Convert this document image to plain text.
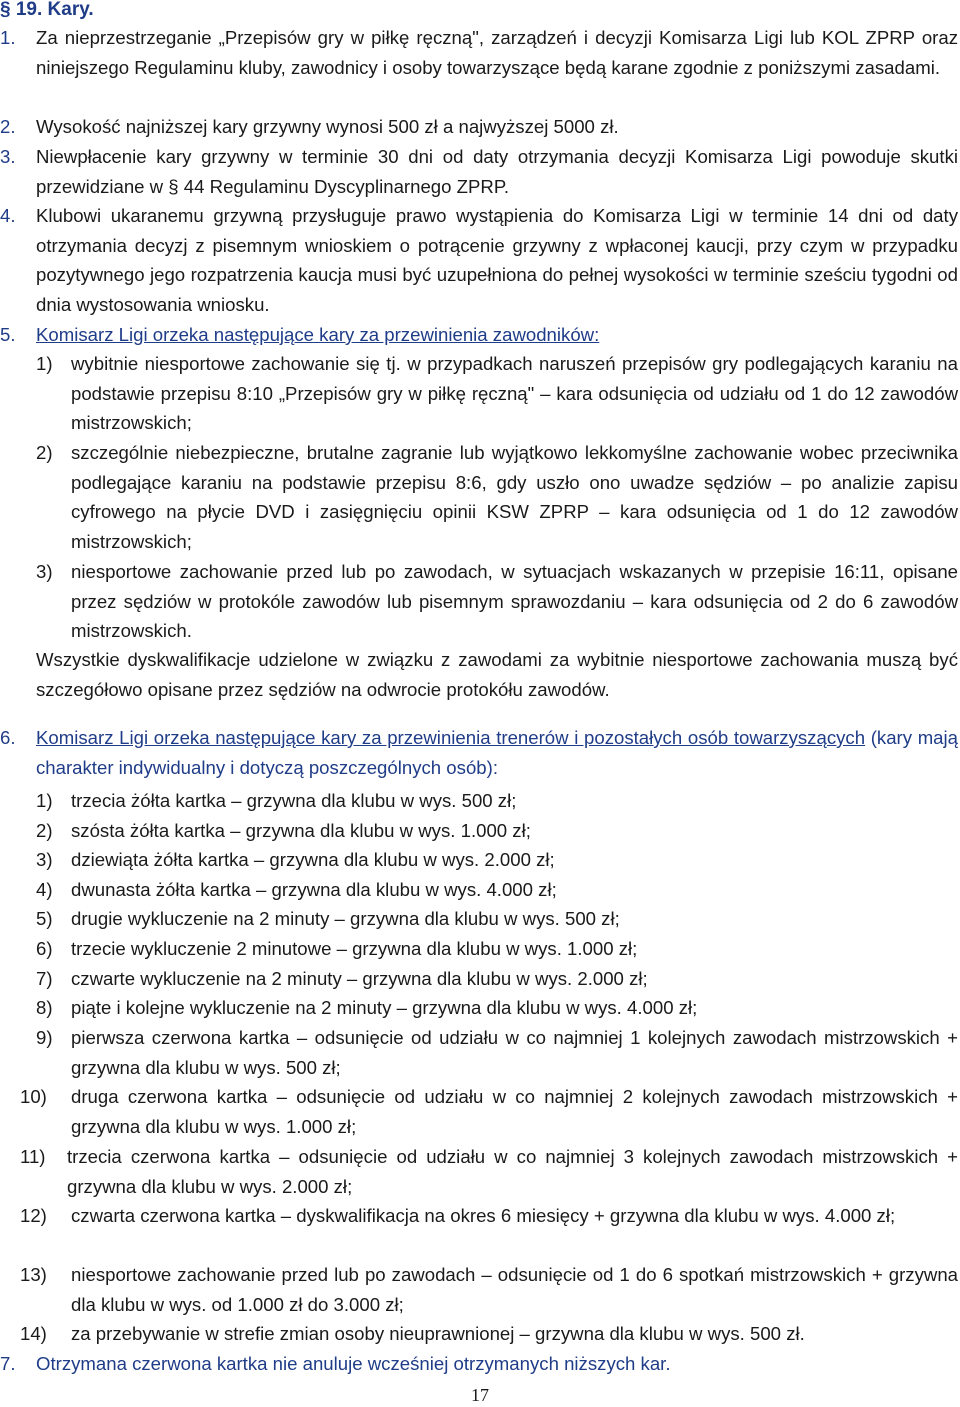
§ 19. Kary.
1. Za nieprzestrzeganie „Przepisów gry w piłkę ręczną", zarządzeń i decyzji Komisarza Ligi lub KOL ZPRP oraz niniejszego Regulaminu kluby, zawodnicy i osoby towarzyszące będą karane zgodnie z poniższymi zasadami.
2. Wysokość najniższej kary grzywny wynosi 500 zł a najwyższej 5000 zł.
3. Niewpłacenie kary grzywny w terminie 30 dni od daty otrzymania decyzji Komisarza Ligi powoduje skutki przewidziane w § 44 Regulaminu Dyscyplinarnego ZPRP.
4. Klubowi ukaranemu grzywną przysługuje prawo wystąpienia do Komisarza Ligi w terminie 14 dni od daty otrzymania decyzj z pisemnym wnioskiem o potrącenie grzywny z wpłaconej kaucji, przy czym w przypadku pozytywnego jego rozpatrzenia kaucja musi być uzupełniona do pełnej wysokości w terminie sześciu tygodni od dnia wystosowania wniosku.
5. Komisarz Ligi orzeka następujące kary za przewinienia zawodników:
1) wybitnie niesportowe zachowanie się tj. w przypadkach naruszeń przepisów gry podlegających karaniu na podstawie przepisu 8:10 „Przepisów gry w piłkę ręczną" – kara odsunięcia od udziału od 1 do 12 zawodów mistrzowskich;
2) szczególnie niebezpieczne, brutalne zagranie lub wyjątkowo lekkomyślne zachowanie wobec przeciwnika podlegające karaniu na podstawie przepisu 8:6, gdy uszło ono uwadze sędziów – po analizie zapisu cyfrowego na płycie DVD i zasięgnięciu opinii KSW ZPRP – kara odsunięcia od 1 do 12 zawodów mistrzowskich;
3) niesportowe zachowanie przed lub po zawodach, w sytuacjach wskazanych w przepisie 16:11, opisane przez sędziów w protokóle zawodów lub pisemnym sprawozdaniu – kara odsunięcia od 2 do 6 zawodów mistrzowskich.
Wszystkie dyskwalifikacje udzielone w związku z zawodami za wybitnie niesportowe zachowania muszą być szczegółowo opisane przez sędziów na odwrocie protokółu zawodów.
6. Komisarz Ligi orzeka następujące kary za przewinienia trenerów i pozostałych osób towarzyszących (kary mają charakter indywidualny i dotyczą poszczególnych osób):
1) trzecia żółta kartka – grzywna dla klubu w wys. 500 zł;
2) szósta żółta kartka – grzywna dla klubu w wys. 1.000 zł;
3) dziewiąta żółta kartka – grzywna dla klubu w wys. 2.000 zł;
4) dwunasta żółta kartka – grzywna dla klubu w wys. 4.000 zł;
5) drugie wykluczenie na 2 minuty – grzywna dla klubu w wys. 500 zł;
6) trzecie wykluczenie 2 minutowe – grzywna dla klubu w wys. 1.000 zł;
7) czwarte wykluczenie na 2 minuty – grzywna dla klubu w wys. 2.000 zł;
8) piąte i kolejne wykluczenie na 2 minuty – grzywna dla klubu w wys. 4.000 zł;
9) pierwsza czerwona kartka – odsunięcie od udziału w co najmniej 1 kolejnych zawodach mistrzowskich + grzywna dla klubu w wys. 500 zł;
10) druga czerwona kartka – odsunięcie od udziału w co najmniej 2 kolejnych zawodach mistrzowskich + grzywna dla klubu w wys. 1.000 zł;
11) trzecia czerwona kartka – odsunięcie od udziału w co najmniej 3 kolejnych zawodach mistrzowskich + grzywna dla klubu w wys. 2.000 zł;
12) czwarta czerwona kartka – dyskwalifikacja na okres 6 miesięcy + grzywna dla klubu w wys. 4.000 zł;
13) niesportowe zachowanie przed lub po zawodach – odsunięcie od 1 do 6 spotkań mistrzowskich + grzywna dla klubu w wys. od 1.000 zł do 3.000 zł;
14) za przebywanie w strefie zmian osoby nieuprawnionej – grzywna dla klubu w wys. 500 zł.
7. Otrzymana czerwona kartka nie anuluje wcześniej otrzymanych niższych kar.
17
